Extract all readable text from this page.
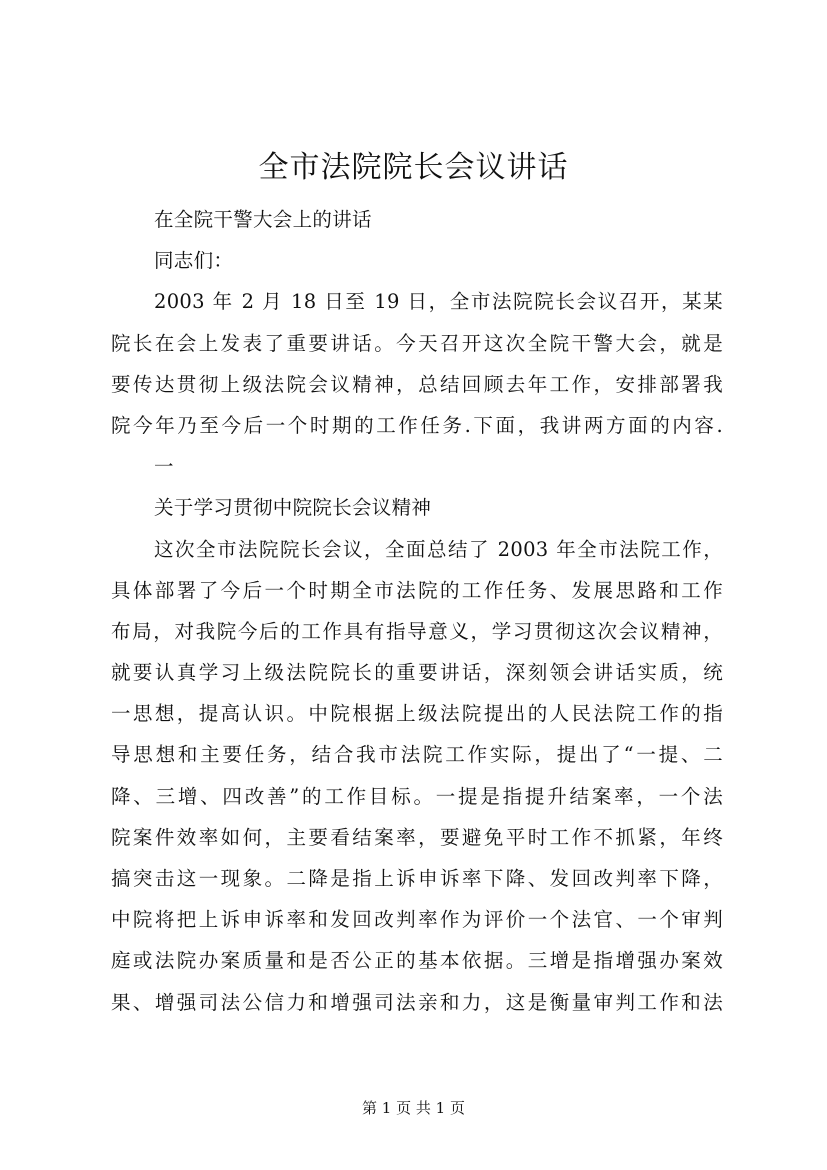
全市法院院长会议讲话
在全院干警大会上的讲话
同志们：
2003 年 2 月 18 日至 19 日，全市法院院长会议召开，某某
院长在会上发表了重要讲话。今天召开这次全院干警大会，就是
要传达贯彻上级法院会议精神，总结回顾去年工作，安排部署我
院今年乃至今后一个时期的工作任务.下面，我讲两方面的内容.
一
关于学习贯彻中院院长会议精神
这次全市法院院长会议，全面总结了 2003 年全市法院工作，
具体部署了今后一个时期全市法院的工作任务、发展思路和工作
布局，对我院今后的工作具有指导意义，学习贯彻这次会议精神，
就要认真学习上级法院院长的重要讲话，深刻领会讲话实质，统
一思想，提高认识。中院根据上级法院提出的人民法院工作的指
导思想和主要任务，结合我市法院工作实际，提出了“一提、二
降、三增、四改善”的工作目标。一提是指提升结案率，一个法
院案件效率如何，主要看结案率，要避免平时工作不抓紧，年终
搞突击这一现象。二降是指上诉申诉率下降、发回改判率下降，
中院将把上诉申诉率和发回改判率作为评价一个法官、一个审判
庭或法院办案质量和是否公正的基本依据。三增是指增强办案效
果、增强司法公信力和增强司法亲和力，这是衡量审判工作和法
第 1 页 共 1 页
